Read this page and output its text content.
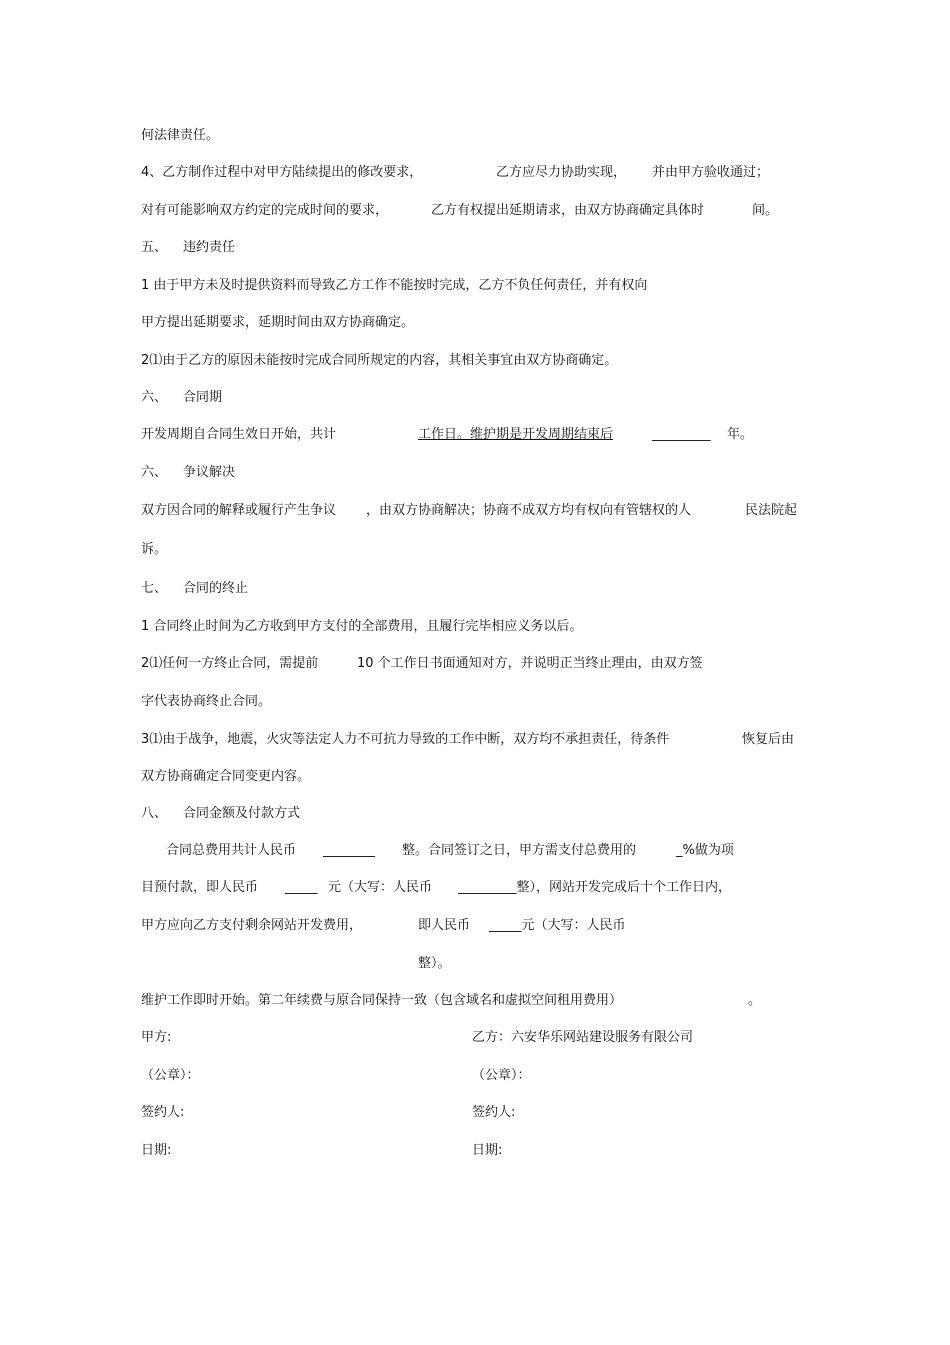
何法律责任。
4、乙方制作过程中对甲方陆续提出的修改要求，	乙方应尽力协助实现， 并由甲方验收通过；
对有可能影响双方约定的完成时间的要求，	乙方有权提出延期请求，由双方协商确定具体时	间。
五、 违约责任
1 由于甲方未及时提供资料而导致乙方工作不能按时完成，乙方不负任何责任，并有权向
甲方提出延期要求，延期时间由双方协商确定。
2⑴由于乙方的原因未能按时完成合同所规定的内容，其相关事宜由双方协商确定。
六、 合同期
开发周期自合同生效日开始，共计	工作日。维护期是开发周期结束后	_________ 年。
六、 争议解决
双方因合同的解释或履行产生争议 ，由双方协商解决；协商不成双方均有权向有管辖权的人	民法院起
诉。
七、 合同的终止
1 合同终止时间为乙方收到甲方支付的全部费用，且履行完毕相应义务以后。
2⑴任何一方终止合同，需提前	10 个工作日书面通知对方，并说明正当终止理由，由双方签
字代表协商终止合同。
3⑴由于战争，地震，火灾等法定人力不可抗力导致的工作中断，双方均不承担责任，待条件	恢复后由
双方协商确定合同变更内容。
八、 合同金额及付款方式
合同总费用共计人民币 ________ 整。合同签订之日，甲方需支付总费用的	_%做为项
目预付款，即人民币 _____ 元（大写：人民币 _________整），网站开发完成后十个工作日内，
甲方应向乙方支付剩余网站开发费用，	即人民币 _____元（大写：人民币
整）。
维护工作即时开始。第二年续费与原合同保持一致（包含域名和虚拟空间租用费用）	。
甲方:	乙方：六安华乐网站建设服务有限公司
（公章）：	（公章）：
签约人:	签约人:
日期:	日期:
